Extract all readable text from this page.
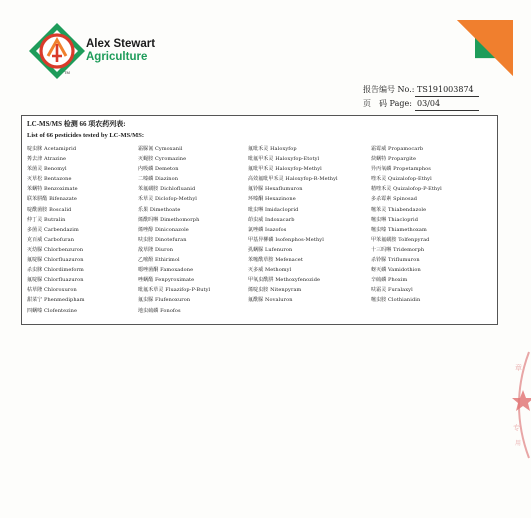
TM
Alex Stewart
Agriculture
报告编号 No.: TS191003874
页　码 Page: 03/04
LC-MS/MS 检测 66 项农药列表:
List of 66 pesticides tested by LC-MS/MS:
啶虫脒 Acetamiprid	霜脲氰 Cymoxanil	氟吡禾灵 Haloxyfop	霜霉威 Propamocarb
莠去津 Atrazine	灭蝇胺 Cyromazine	吡氟甲禾灵 Haloxyfop-Etotyl	炔螨特 Propargite
苯菌灵 Benomyl	内吸磷 Demeton	氟吡甲禾灵 Haloxyfop-Methyl	异丙氧磷 Propetamphos
灭草松 Bentazone	二嗪磷 Diazinon	高效氟吡甲禾灵 Haloxyfop-R-Methyl	喹禾灵 Quizalofop-Ethyl
苯螨特 Benzoximate	苯氟磺胺 Dichlofluanid	氟铃脲 Hexaflumuron	精喹禾灵 Quizalofop-P-Ethyl
联苯肼酯 Bifenazate	禾草灵 Diclofop-Methyl	环嗪酮 Hexazinone	多杀霉素 Spinosad
啶酰菌胺 Boscalid	乐果 Dimethoate	吡虫啉 Imidacloprid	噻苯灵 Thiabendazole
仲丁灵 Butralin	烯酰吗啉 Dimethomorph	茚虫威 Indoxacarb	噻虫啉 Thiacloprid
多菌灵 Carbendazim	烯唑醇 Diniconazole	氯唑磷 Isazofos	噻虫嗪 Thiamethoxam
克百威 Carbofuran	呋虫胺 Dinotefuran	甲基异柳磷 Isofenphos-Methyl	甲苯氟磺胺 Tolfenpyrad
灭幼脲 Chlorbenzuron	敌草隆 Diuron	虱螨脲 Lufenuron	十三吗啉 Tridemorph
氟啶脲 Chlorfluazuron	乙嘧酚 Ethirimol	苯噻酰草胺 Mefenacet	杀铃脲 Triflumuron
杀虫脒 Chlordimeform	噁唑菌酮 Famoxadone	灭多威 Methomyl	蚜灭磷 Vamidothion
氟啶脲 Chlorfluazuron	唑螨酯 Fenpyroximate	甲氧虫酰肼 Methoxyfenozide	辛硫磷 Phoxim
枯草隆 Chloroxuron	吡氟禾草灵 Fluazifop-P-Butyl	烯啶虫胺 Nitenpyram	呋霜灵 Furalaxyl
甜菜宁 Phenmedipham	氟虫脲 Flufenoxuron	氟酰脲 Novaluron	噻虫胺 Clothianidin
四螨嗪 Clofentezine	地虫硫磷 Fonofos
章
专
用
